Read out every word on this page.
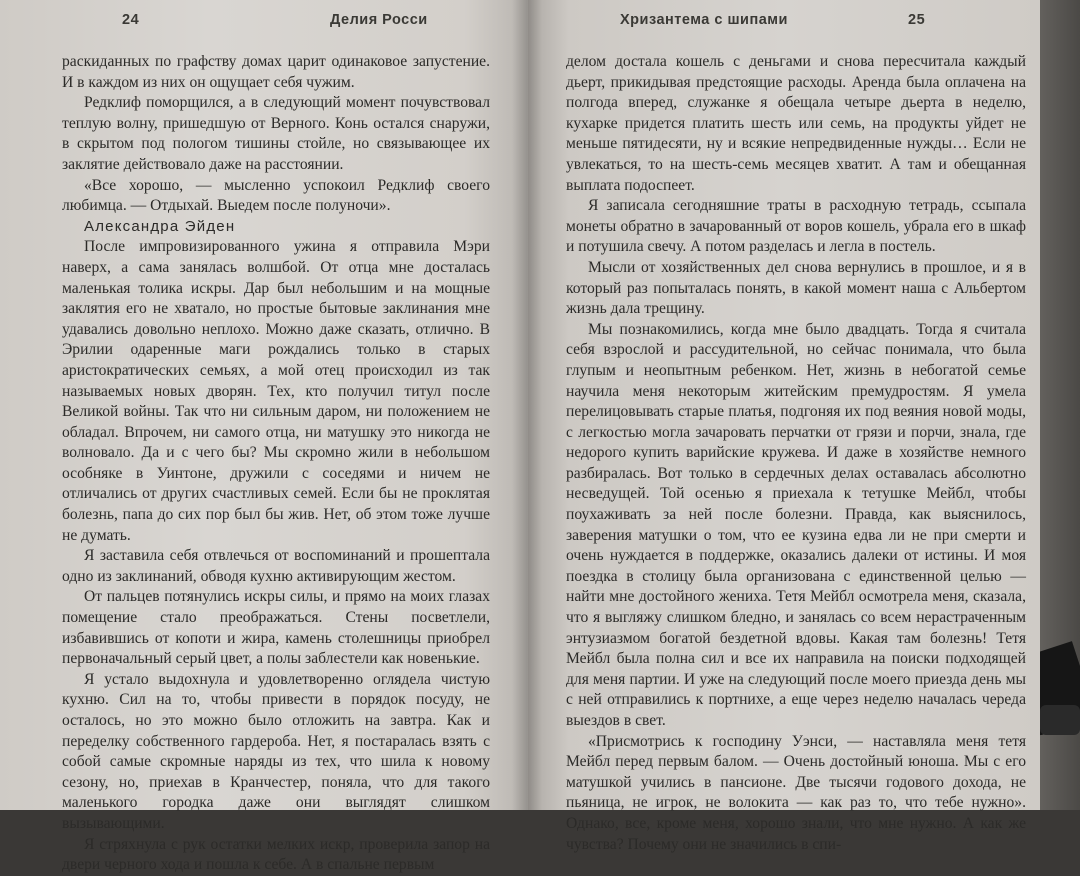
24	Делия Росси

раскиданных по графству домах царит одинаковое запустение. И в каждом из них он ощущает себя чужим.

Редклиф поморщился, а в следующий момент почувствовал теплую волну, пришедшую от Верного. Конь остался снаружи, в скрытом под пологом тишины стойле, но связывающее их заклятие действовало даже на расстоянии.

«Все хорошо, — мысленно успокоил Редклиф своего любимца. — Отдыхай. Выедем после полуночи».

Александра Эйден

После импровизированного ужина я отправила Мэри наверх, а сама занялась волшбой. От отца мне досталась маленькая толика искры. Дар был небольшим и на мощные заклятия его не хватало, но простые бытовые заклинания мне удавались довольно неплохо. Можно даже сказать, отлично. В Эрилии одаренные маги рождались только в старых аристократических семьях, а мой отец происходил из так называемых новых дворян. Тех, кто получил титул после Великой войны. Так что ни сильным даром, ни положением не обладал. Впрочем, ни самого отца, ни матушку это никогда не волновало. Да и с чего бы? Мы скромно жили в небольшом особняке в Уинтоне, дружили с соседями и ничем не отличались от других счастливых семей. Если бы не проклятая болезнь, папа до сих пор был бы жив. Нет, об этом тоже лучше не думать.

Я заставила себя отвлечься от воспоминаний и прошептала одно из заклинаний, обводя кухню активирующим жестом.

От пальцев потянулись искры силы, и прямо на моих глазах помещение стало преображаться. Стены посветлели, избавившись от копоти и жира, камень столешницы приобрел первоначальный серый цвет, а полы заблестели как новенькие.

Я устало выдохнула и удовлетворенно оглядела чистую кухню. Сил на то, чтобы привести в порядок посуду, не осталось, но это можно было отложить на завтра. Как и переделку собственного гардероба. Нет, я постаралась взять с собой самые скромные наряды из тех, что шила к новому сезону, но, приехав в Кранчестер, поняла, что для такого маленького городка даже они выглядят слишком вызывающими.

Я стряхнула с рук остатки мелких искр, проверила запор на двери черного хода и пошла к себе. А в спальне первым

Хризантема с шипами	25

делом достала кошель с деньгами и снова пересчитала каждый дьерт, прикидывая предстоящие расходы. Аренда была оплачена на полгода вперед, служанке я обещала четыре дьерта в неделю, кухарке придется платить шесть или семь, на продукты уйдет не меньше пятидесяти, ну и всякие непредвиденные нужды… Если не увлекаться, то на шесть-семь месяцев хватит. А там и обещанная выплата подоспеет.

Я записала сегодняшние траты в расходную тетрадь, ссыпала монеты обратно в зачарованный от воров кошель, убрала его в шкаф и потушила свечу. А потом разделась и легла в постель.

Мысли от хозяйственных дел снова вернулись в прошлое, и я в который раз попыталась понять, в какой момент наша с Альбертом жизнь дала трещину.

Мы познакомились, когда мне было двадцать. Тогда я считала себя взрослой и рассудительной, но сейчас понимала, что была глупым и неопытным ребенком. Нет, жизнь в небогатой семье научила меня некоторым житейским премудростям. Я умела перелицовывать старые платья, подгоняя их под веяния новой моды, с легкостью могла зачаровать перчатки от грязи и порчи, знала, где недорого купить варийские кружева. И даже в хозяйстве немного разбиралась. Вот только в сердечных делах оставалась абсолютно несведущей. Той осенью я приехала к тетушке Мейбл, чтобы поухаживать за ней после болезни. Правда, как выяснилось, заверения матушки о том, что ее кузина едва ли не при смерти и очень нуждается в поддержке, оказались далеки от истины. И моя поездка в столицу была организована с единственной целью — найти мне достойного жениха. Тетя Мейбл осмотрела меня, сказала, что я выгляжу слишком бледно, и занялась со всем нерастраченным энтузиазмом богатой бездетной вдовы. Какая там болезнь! Тетя Мейбл была полна сил и все их направила на поиски подходящей для меня партии. И уже на следующий после моего приезда день мы с ней отправились к портнихе, а еще через неделю началась череда выездов в свет.

«Присмотрись к господину Уэнси, — наставляла меня тетя Мейбл перед первым балом. — Очень достойный юноша. Мы с его матушкой учились в пансионе. Две тысячи годового дохода, не пьяница, не игрок, не волокита — как раз то, что тебе нужно». Однако, все, кроме меня, хорошо знали, что мне нужно. А как же чувства? Почему они не значились в спи-
